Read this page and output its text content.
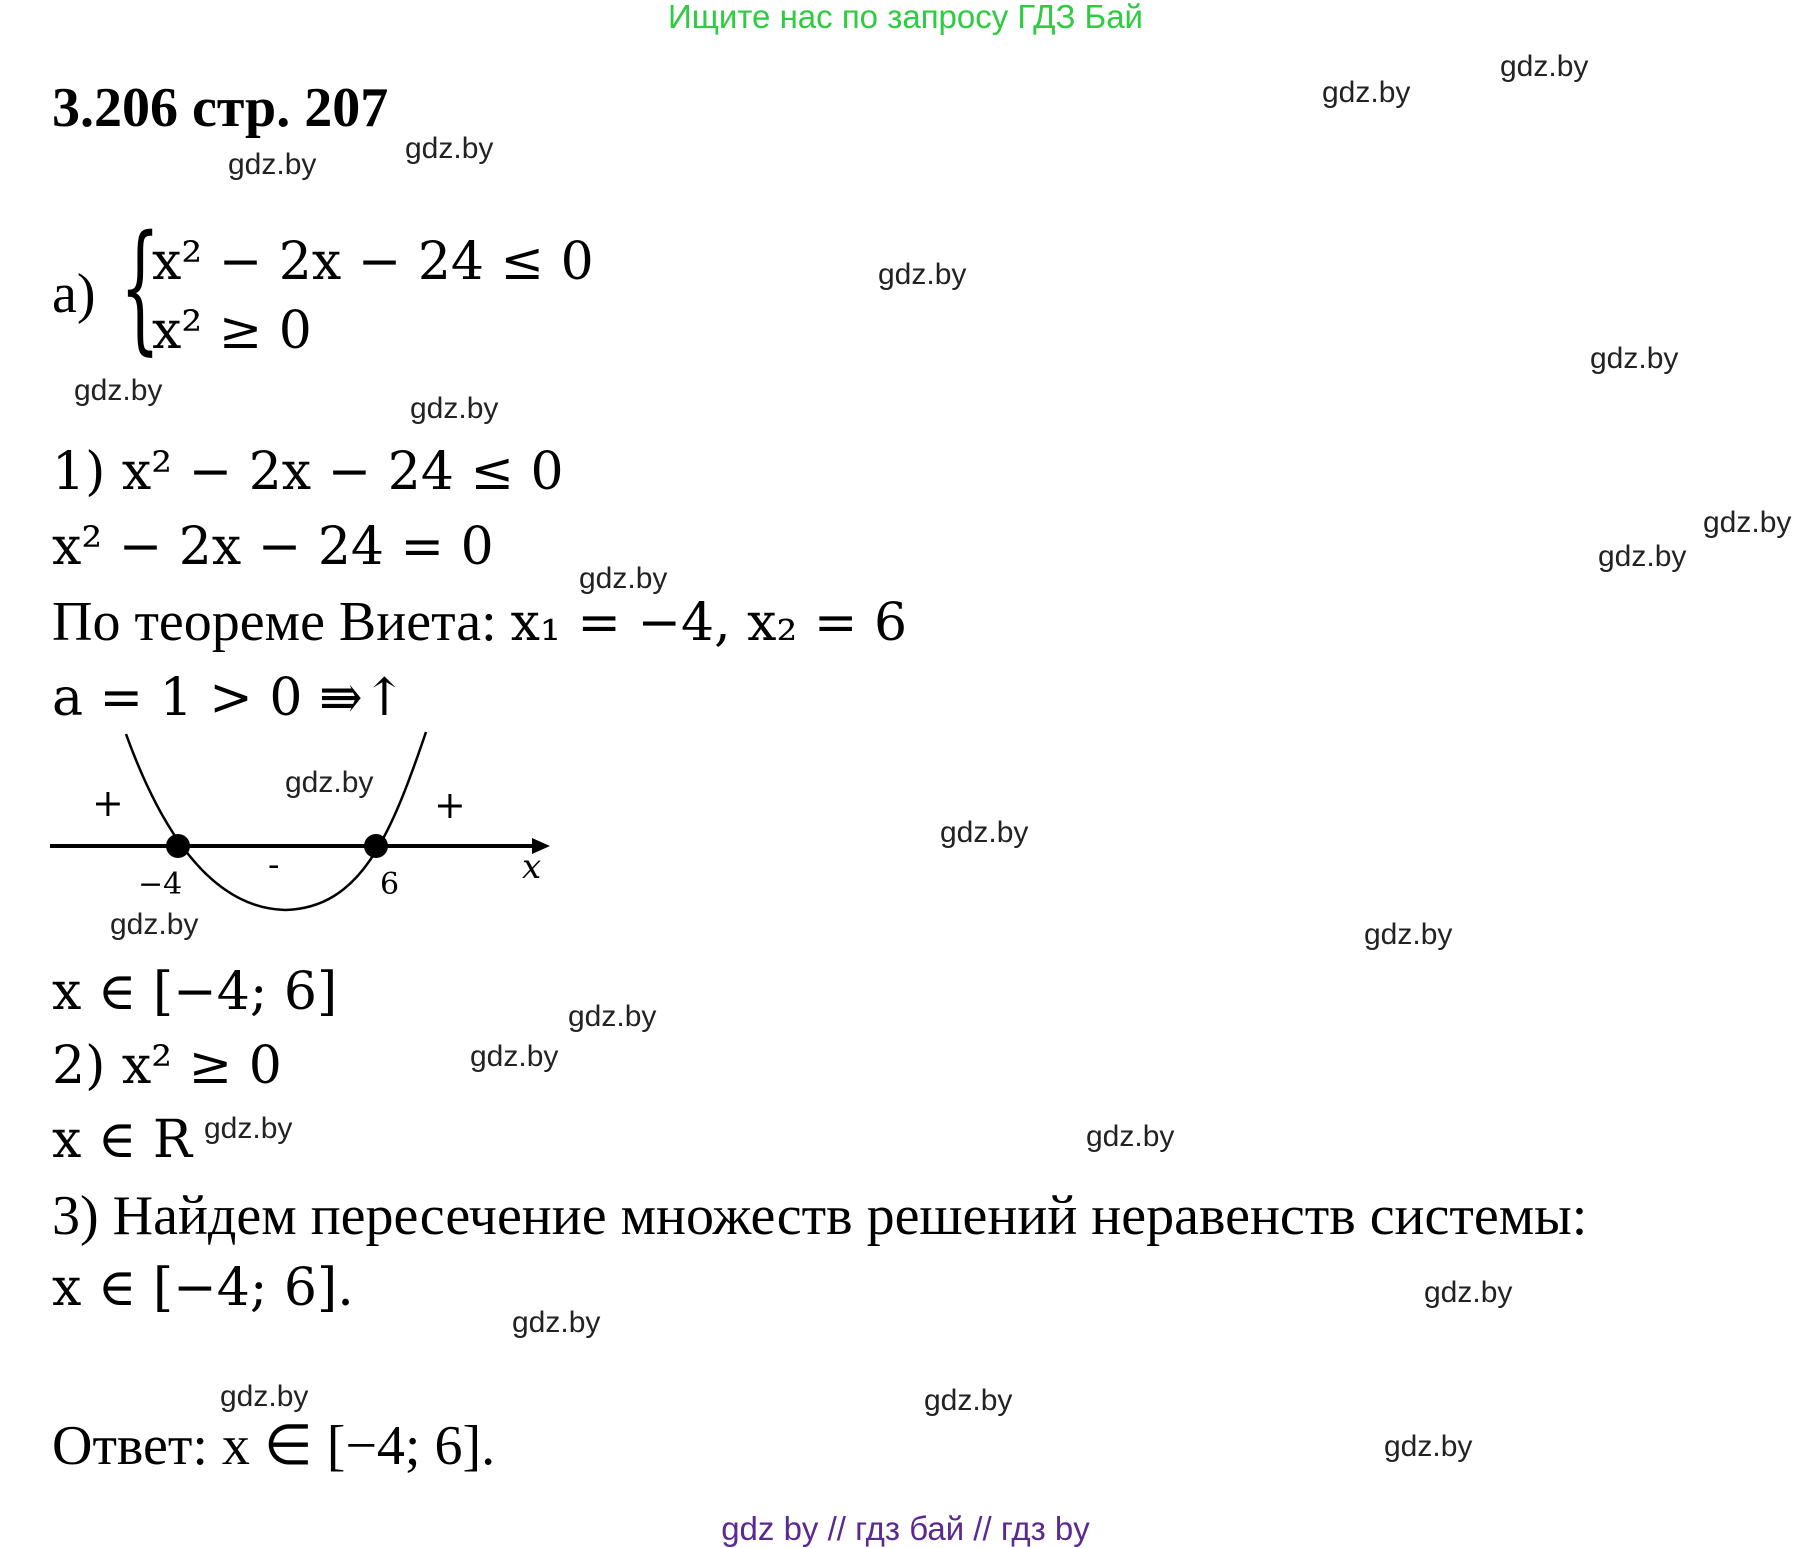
Ищите нас по запросу ГДЗ Бай
3.206 стр. 207
а) {
x² − 2x − 24 ≤ 0
x² ≥ 0
1) x² − 2x − 24 ≤ 0
x² − 2x − 24 = 0
По теореме Виета: x₁ = −4, x₂ = 6
a = 1 > 0 ⇛↑
+
-
+
−4	6	x
x ∈ [−4; 6]
2) x² ≥ 0
x ∈ R
3) Найдем пересечение множеств решений неравенств системы:
x ∈ [−4; 6].
Ответ: x ∈ [−4; 6].
gdz.by
gdz.by
gdz.by
gdz.by
gdz.by
gdz.by
gdz.by
gdz.by
gdz.by
gdz.by
gdz.by
gdz.by
gdz.by
gdz.by	gdz.by
gdz.by
gdz.by
gdz.by	gdz.by
gdz.by
gdz.by
gdz.by	gdz.by
gdz.by
gdz by // гдз бай // гдз by
